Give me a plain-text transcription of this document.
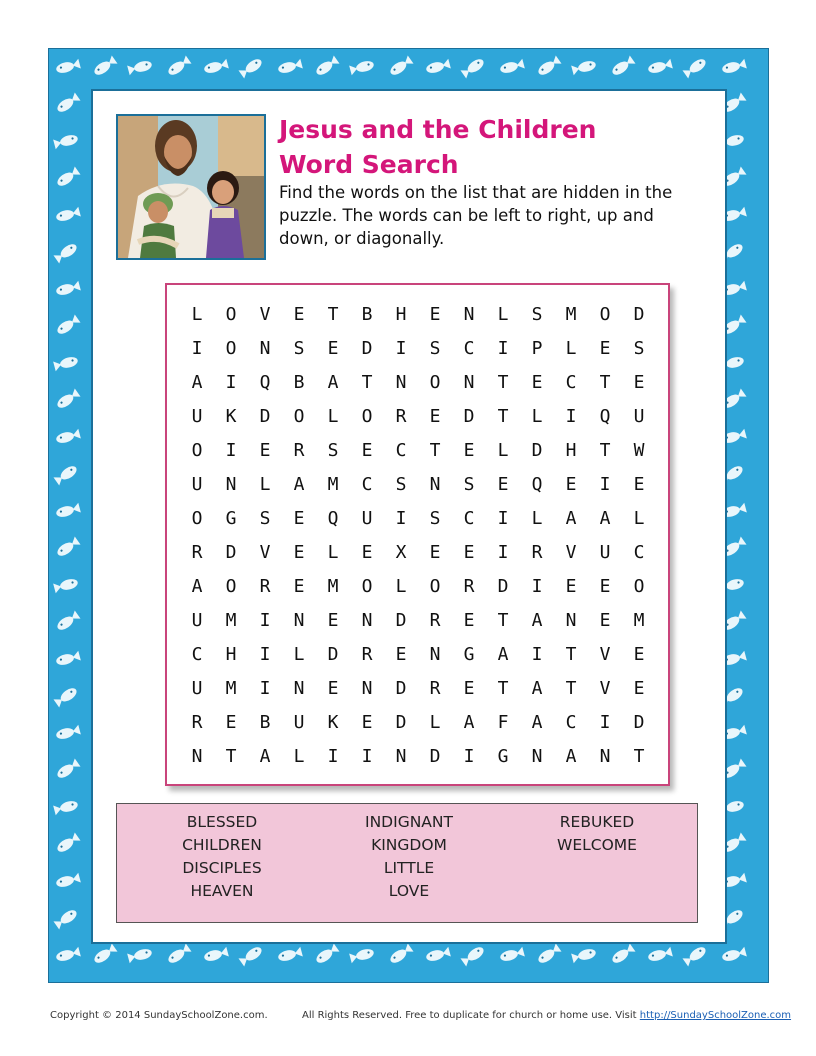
Jesus and the Children
Word Search

Find the words on the list that are hidden in the puzzle. The words can be left to right, up and down, or diagonally.

L	O	V	E	T	B	H	E	N	L	S	M	O	D
I	O	N	S	E	D	I	S	C	I	P	L	E	S
A	I	Q	B	A	T	N	O	N	T	E	C	T	E
U	K	D	O	L	O	R	E	D	T	L	I	Q	U
O	I	E	R	S	E	C	T	E	L	D	H	T	W
U	N	L	A	M	C	S	N	S	E	Q	E	I	E
O	G	S	E	Q	U	I	S	C	I	L	A	A	L
R	D	V	E	L	E	X	E	E	I	R	V	U	C
A	O	R	E	M	O	L	O	R	D	I	E	E	O
U	M	I	N	E	N	D	R	E	T	A	N	E	M
C	H	I	L	D	R	E	N	G	A	I	T	V	E
U	M	I	N	E	N	D	R	E	T	A	T	V	E
R	E	B	U	K	E	D	L	A	F	A	C	I	D
N	T	A	L	I	I	N	D	I	G	N	A	N	T
BLESSED
CHILDREN
DISCIPLES
HEAVEN
INDIGNANT
KINGDOM
LITTLE
LOVE
REBUKED
WELCOME
Copyright © 2014 SundaySchoolZone.com.	All Rights Reserved. Free to duplicate for church or home use. Visit http://SundaySchoolZone.com
